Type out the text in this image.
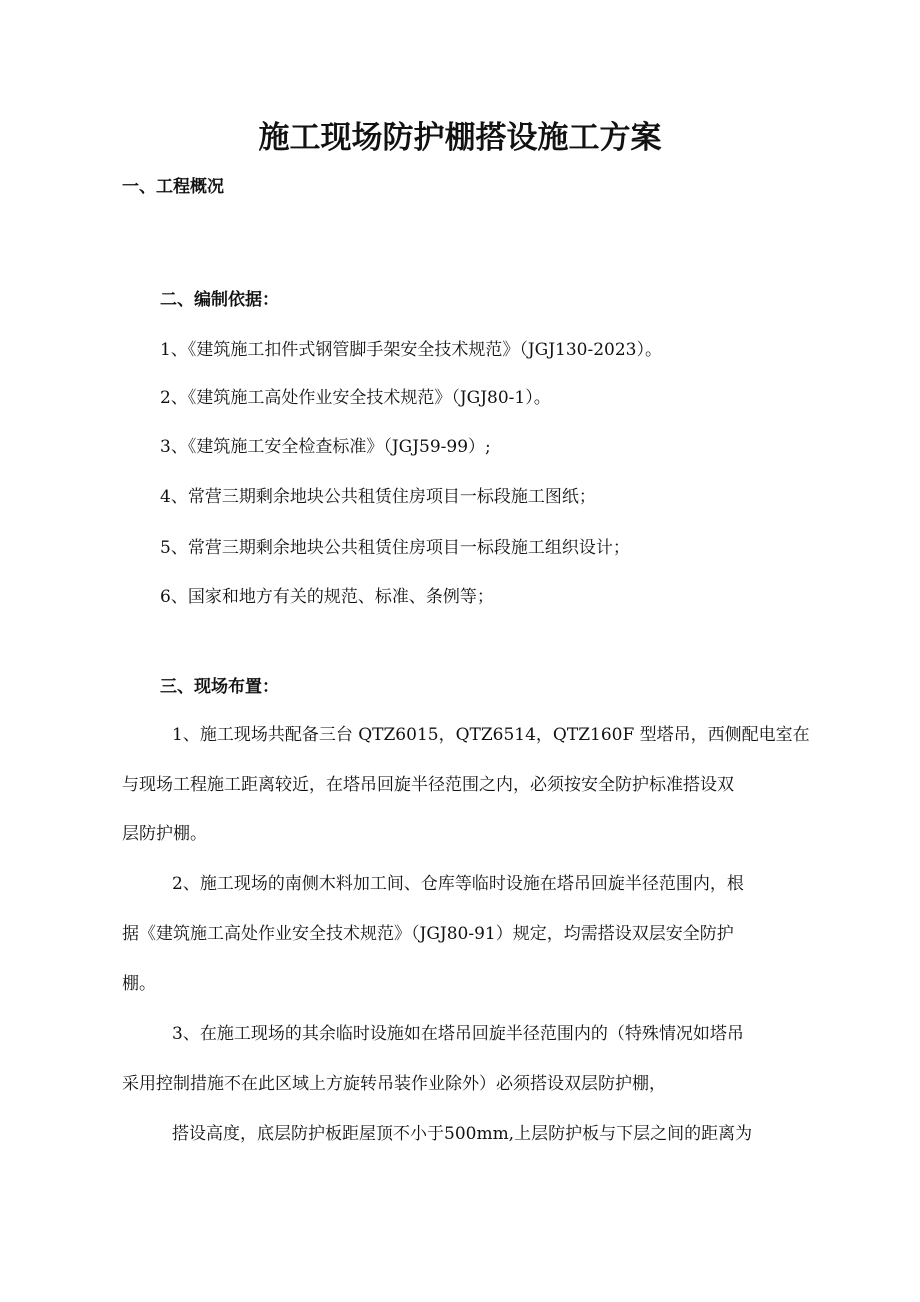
施工现场防护棚搭设施工方案
一、工程概况
二、编制依据：
1、《建筑施工扣件式钢管脚手架安全技术规范》（JGJ130-2023）。
2、《建筑施工高处作业安全技术规范》（JGJ80-1）。
3、《建筑施工安全检查标准》（JGJ59-99）;
4、常营三期剩余地块公共租赁住房项目一标段施工图纸；
5、常营三期剩余地块公共租赁住房项目一标段施工组织设计；
6、国家和地方有关的规范、标准、条例等；
三、现场布置：
1、施工现场共配备三台 QTZ6015，QTZ6514，QTZ160F 型塔吊，西侧配电室在
与现场工程施工距离较近，在塔吊回旋半径范围之内，必须按安全防护标准搭设双
层防护棚。
2、施工现场的南侧木料加工间、仓库等临时设施在塔吊回旋半径范围内，根
据《建筑施工高处作业安全技术规范》（JGJ80-91）规定，均需搭设双层安全防护
棚。
3、在施工现场的其余临时设施如在塔吊回旋半径范围内的（特殊情况如塔吊
采用控制措施不在此区域上方旋转吊装作业除外）必须搭设双层防护棚，
搭设高度，底层防护板距屋顶不小于500mm,上层防护板与下层之间的距离为
